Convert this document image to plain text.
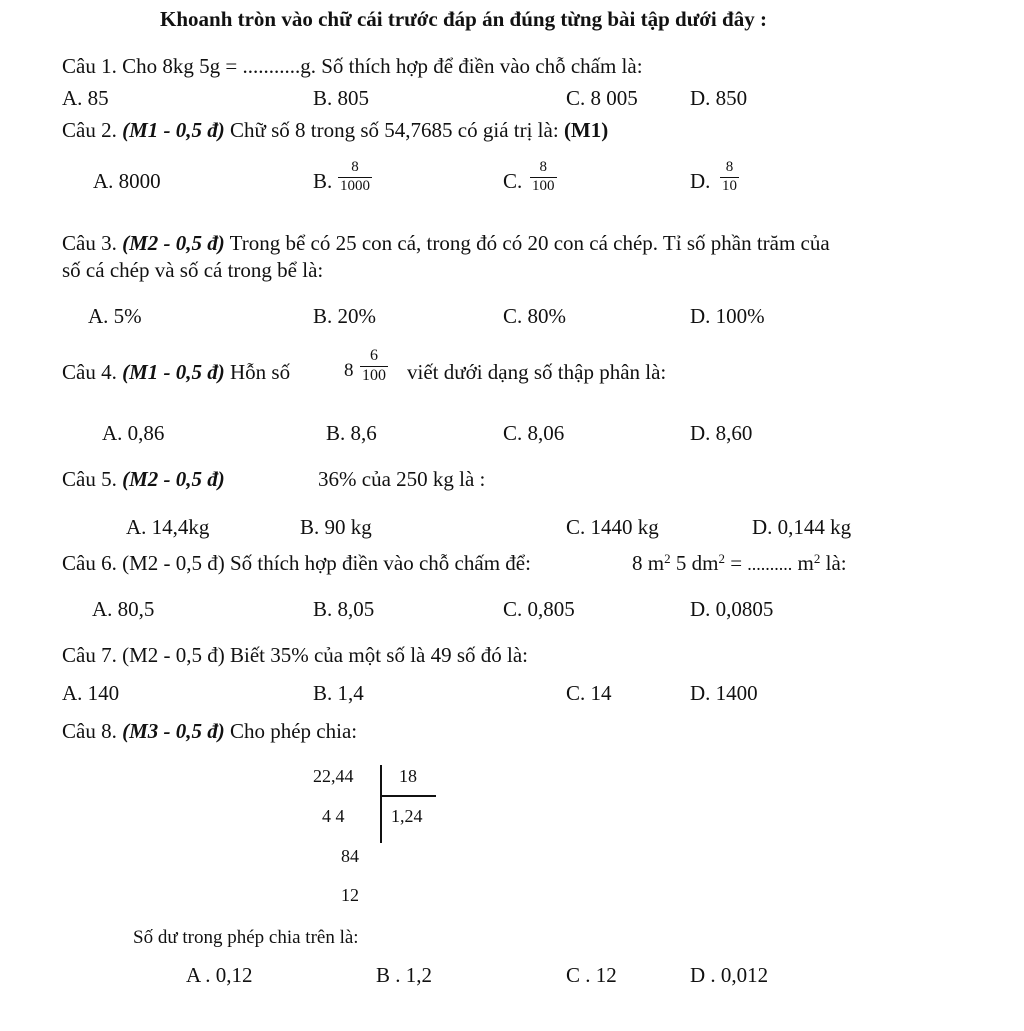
Khoanh tròn vào chữ cái trước đáp án đúng từng bài tập dưới đây :
Câu 1. Cho 8kg 5g = ...........g. Số thích hợp để điền vào chỗ chấm là:
A. 85	B. 805	C. 8 005 D. 850
Câu 2. (M1 - 0,5 đ) Chữ số 8 trong số 54,7685 có giá trị là: (M1)
A. 8000	B. $\frac{8}{1000}$	C. $\frac{8}{100}$	D. $\frac{8}{10}$
Câu 3. (M2 - 0,5 đ) Trong bể có 25 con cá, trong đó có 20 con cá chép. Tỉ số phần trăm của
số cá chép và số cá trong bể là:
A. 5%	B. 20%	C. 80%	D. 100%
Câu 4. (M1 - 0,5 đ) Hỗn số	$8 \frac{6}{100}$ viết dưới dạng số thập phân là:
A. 0,86	B. 8,6	C. 8,06	D. 8,60
Câu 5. (M2 - 0,5 đ)	36% của 250 kg là :
A. 14,4kg	B. 90 kg	C. 1440 kg	D. 0,144 kg
Câu 6. (M2 - 0,5 đ) Số thích hợp điền vào chỗ chấm để:	8 $m^2$ 5 $dm^2$ = .......... $m^2$ là:
A. 80,5	B. 8,05	C. 0,805	D. 0,0805
Câu 7. (M2 - 0,5 đ) Biết 35% của một số là 49 số đó là:
A. 140	B. 1,4	C. 14	D. 1400
Câu 8. (M3 - 0,5 đ) Cho phép chia:
22,44	18
4 4	1,24
84
12
Số dư trong phép chia trên là:
A . 0,12	B . 1,2	C . 12	D . 0,012
